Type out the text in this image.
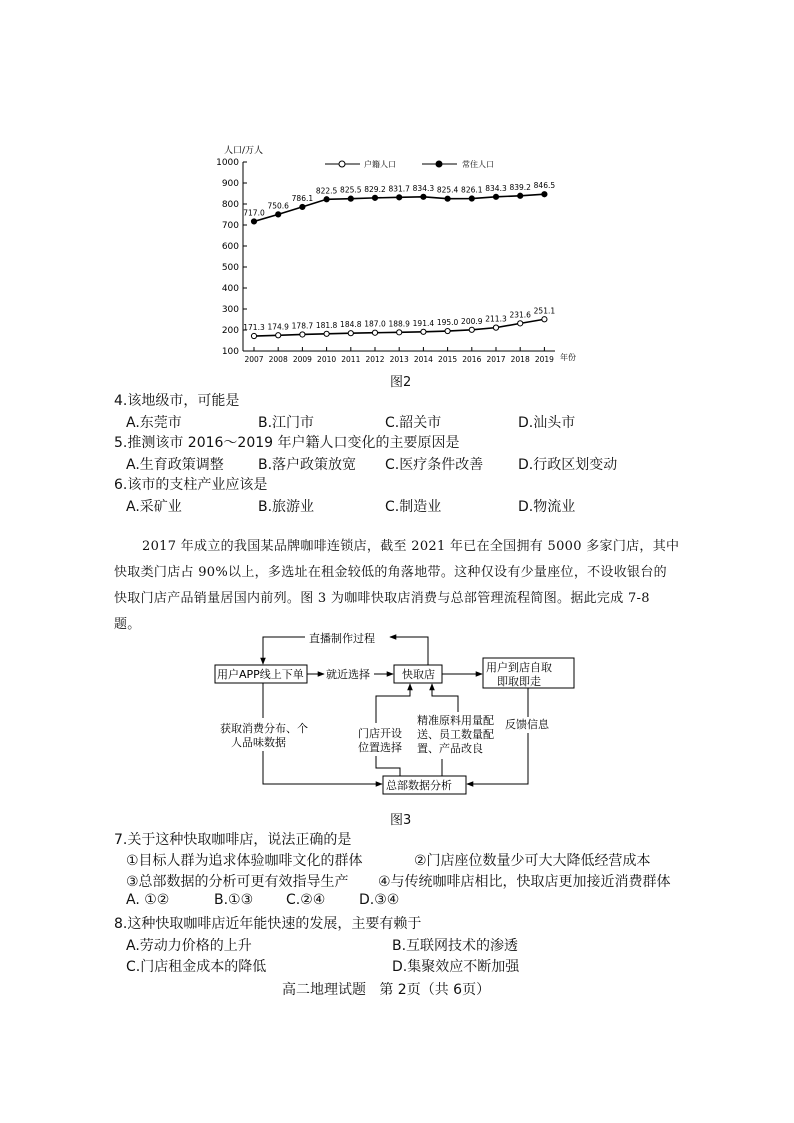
人口/万人
100
200
300
400
500
600
700
800
900
1000
2007 2008 2009 2010 2011 2012 2013 2014 2015 2016 2017 2018 2019 年份
户籍人口	常住人口
171.3 174.9 178.7 181.8 184.8 187.0 188.9 191.4 195.0 200.9 211.3 231.6 251.1
717.0
750.6
786.1
822.5 825.5 829.2 831.7 834.3 825.4 826.1 834.3 839.2 846.5
图2
4.该地级市，可能是
A.东莞市	B.江门市	C.韶关市	D.汕头市
5.推测该市 2016～2019 年户籍人口变化的主要原因是
A.生育政策调整 B.落户政策放宽 C.医疗条件改善 D.行政区划变动
6.该市的支柱产业应该是
A.采矿业	B.旅游业	C.制造业	D.物流业
2017 年成立的我国某品牌咖啡连锁店，截至 2021 年已在全国拥有 5000 多家门店，其中
快取类门店占 90%以上，多选址在租金较低的角落地带。这种仅设有少量座位，不设收银台的
快取门店产品销量居国内前列。图 3 为咖啡快取店消费与总部管理流程简图。据此完成 7-8
题。
直播制作过程
用户APP线上下单 就近选择	快取店
用户到店自取
即取即走
获取消费分布、个
人品味数据
门店开设
位置选择
精准原料用量配
送、员工数量配
置、产品改良
反馈信息
总部数据分析
图3
7.关于这种快取咖啡店，说法正确的是
①目标人群为追求体验咖啡文化的群体	②门店座位数量少可大大降低经营成本
③总部数据的分析可更有效指导生产 ④与传统咖啡店相比，快取店更加接近消费群体
A. ①②	B.①③ C.②④ D.③④
8.这种快取咖啡店近年能快速的发展，主要有赖于
A.劳动力价格的上升	B.互联网技术的渗透
C.门店租金成本的降低	D.集聚效应不断加强
高二地理试题   第 2页（共 6页）
